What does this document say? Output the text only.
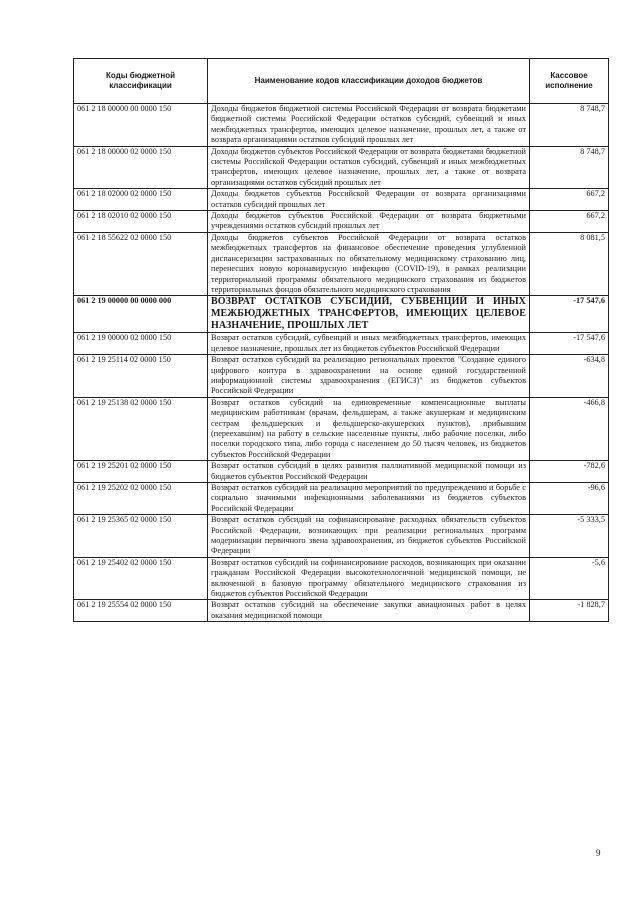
Коды бюджетной классификации	Наименование кодов классификации доходов бюджетов	Кассовое исполнение
061 2 18 00000 00 0000 150	Доходы бюджетов бюджетной системы Российской Федерации от возврата бюджетами бюджетной системы Российской Федерации остатков субсидий, субвенций и иных межбюджетных трансфертов, имеющих целевое назначение, прошлых лет, а также от возврата организациями остатков субсидий прошлых лет	8 748,7
061 2 18 00000 02 0000 150	Доходы бюджетов субъектов Российской Федерации от возврата бюджетами бюджетной системы Российской Федерации остатков субсидий, субвенций и иных межбюджетных трансфертов, имеющих целевое назначение, прошлых лет, а также от возврата организациями остатков субсидий прошлых лет	8 748,7
061 2 18 02000 02 0000 150	Доходы бюджетов субъектов Российской Федерации от возврата организациями остатков субсидий прошлых лет	667,2
061 2 18 02010 02 0000 150	Доходы бюджетов субъектов Российской Федерации от возврата бюджетными учреждениями остатков субсидий прошлых лет	667,2
061 2 18 55622 02 0000 150	Доходы бюджетов субъектов Российской Федерации от возврата остатков межбюджетных трансфертов на финансовое обеспечение проведения углубленной диспансеризации застрахованных по обязательному медицинскому страхованию лиц, перенесших новую коронавирусную инфекцию (COVID-19), в рамках реализации территориальной программы обязательного медицинского страхования из бюджетов территориальных фондов обязательного медицинского страхования	8 081,5
061 2 19 00000 00 0000 000	ВОЗВРАТ ОСТАТКОВ СУБСИДИЙ, СУБВЕНЦИЙ И ИНЫХ МЕЖБЮДЖЕТНЫХ ТРАНСФЕРТОВ, ИМЕЮЩИХ ЦЕЛЕВОЕ НАЗНАЧЕНИЕ, ПРОШЛЫХ ЛЕТ	-17 547,6
061 2 19 00000 02 0000 150	Возврат остатков субсидий, субвенций и иных межбюджетных трансфертов, имеющих целевое назначение, прошлых лет из бюджетов субъектов Российской Федерации	-17 547,6
061 2 19 25114 02 0000 150	Возврат остатков субсидий на реализацию региональных проектов "Создание единого цифрового контура в здравоохранении на основе единой государственной информационной системы здравоохранения (ЕГИСЗ)" из бюджетов субъектов Российской Федерации	-634,8
061 2 19 25138 02 0000 150	Возврат остатков субсидий на единовременные компенсационные выплаты медицинским работникам (врачам, фельдшерам, а также акушеркам и медицинским сестрам фельдшерских и фельдшерско-акушерских пунктов), прибывшим (переехавшим) на работу в сельские населенные пункты, либо рабочие поселки, либо поселки городского типа, либо города с населением до 50 тысяч человек, из бюджетов субъектов Российской Федерации	-466,8
061 2 19 25201 02 0000 150	Возврат остатков субсидий в целях развития паллиативной медицинской помощи из бюджетов субъектов Российской Федерации	-782,6
061 2 19 25202 02 0000 150	Возврат остатков субсидий на реализацию мероприятий по предупреждению и борьбе с социально значимыми инфекционными заболеваниями из бюджетов субъектов Российской Федерации	-96,6
061 2 19 25365 02 0000 150	Возврат остатков субсидий на софинансирование расходных обязательств субъектов Российской Федерации, возникающих при реализации региональных программ модернизации первичного звена здравоохранения, из бюджетов субъектов Российской Федерации	-5 333,5
061 2 19 25402 02 0000 150	Возврат остатков субсидий на софинансирование расходов, возникающих при оказании гражданам Российской Федерации высокотехнологичной медицинской помощи, не включенной в базовую программу обязательного медицинского страхования из бюджетов субъектов Российской Федерации	-5,6
061 2 19 25554 02 0000 150	Возврат остатков субсидий на обеспечение закупки авиационных работ в целях оказания медицинской помощи	-1 828,7
9
